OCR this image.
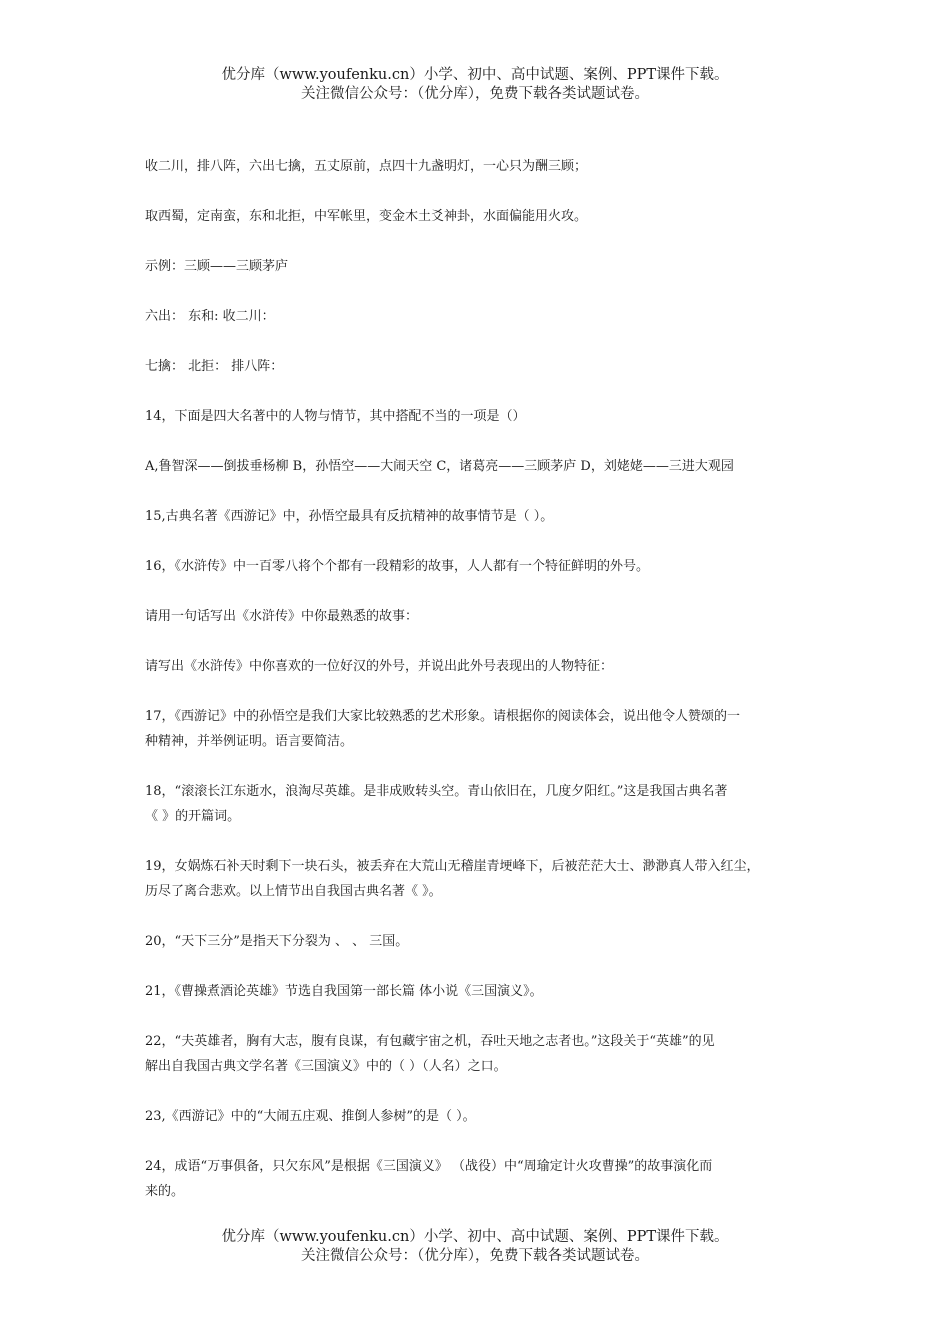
优分库（www.youfenku.cn）小学、初中、高中试题、案例、PPT课件下载。
关注微信公众号：（优分库），免费下载各类试题试卷。
收二川，排八阵，六出七擒，五丈原前，点四十九盏明灯，一心只为酬三顾；
取西蜀，定南蛮，东和北拒，中军帐里，变金木土爻神卦，水面偏能用火攻。
示例：三顾——三顾茅庐
六出： 东和: 收二川：
七擒： 北拒： 排八阵：
14，下面是四大名著中的人物与情节，其中搭配不当的一项是（）
A,鲁智深——倒拔垂杨柳 B，孙悟空——大闹天空 C，诸葛亮——三顾茅庐 D，刘姥姥——三进大观园
15,古典名著《西游记》中，孙悟空最具有反抗精神的故事情节是（ ）。
16，《水浒传》中一百零八将个个都有一段精彩的故事，人人都有一个特征鲜明的外号。
请用一句话写出《水浒传》中你最熟悉的故事：
请写出《水浒传》中你喜欢的一位好汉的外号，并说出此外号表现出的人物特征：
17，《西游记》中的孙悟空是我们大家比较熟悉的艺术形象。请根据你的阅读体会，说出他令人赞颂的一
种精神，并举例证明。语言要简洁。
18，“滚滚长江东逝水，浪淘尽英雄。是非成败转头空。青山依旧在，几度夕阳红。”这是我国古典名著
《 》的开篇词。
19，女娲炼石补天时剩下一块石头，被丢弃在大荒山无稽崖青埂峰下，后被茫茫大士、渺渺真人带入红尘，
历尽了离合悲欢。以上情节出自我国古典名著《 》。
20，“天下三分”是指天下分裂为 、 、 三国。
21，《曹操煮酒论英雄》节选自我国第一部长篇 体小说《三国演义》。
22，“夫英雄者，胸有大志，腹有良谋，有包藏宇宙之机，吞吐天地之志者也。”这段关于“英雄”的见
解出自我国古典文学名著《三国演义》中的（ ）（人名）之口。
23,《西游记》中的“大闹五庄观、推倒人参树”的是（ ）。
24，成语“万事俱备，只欠东风”是根据《三国演义》 （战役）中“周瑜定计火攻曹操”的故事演化而
来的。
优分库（www.youfenku.cn）小学、初中、高中试题、案例、PPT课件下载。
关注微信公众号：（优分库），免费下载各类试题试卷。
